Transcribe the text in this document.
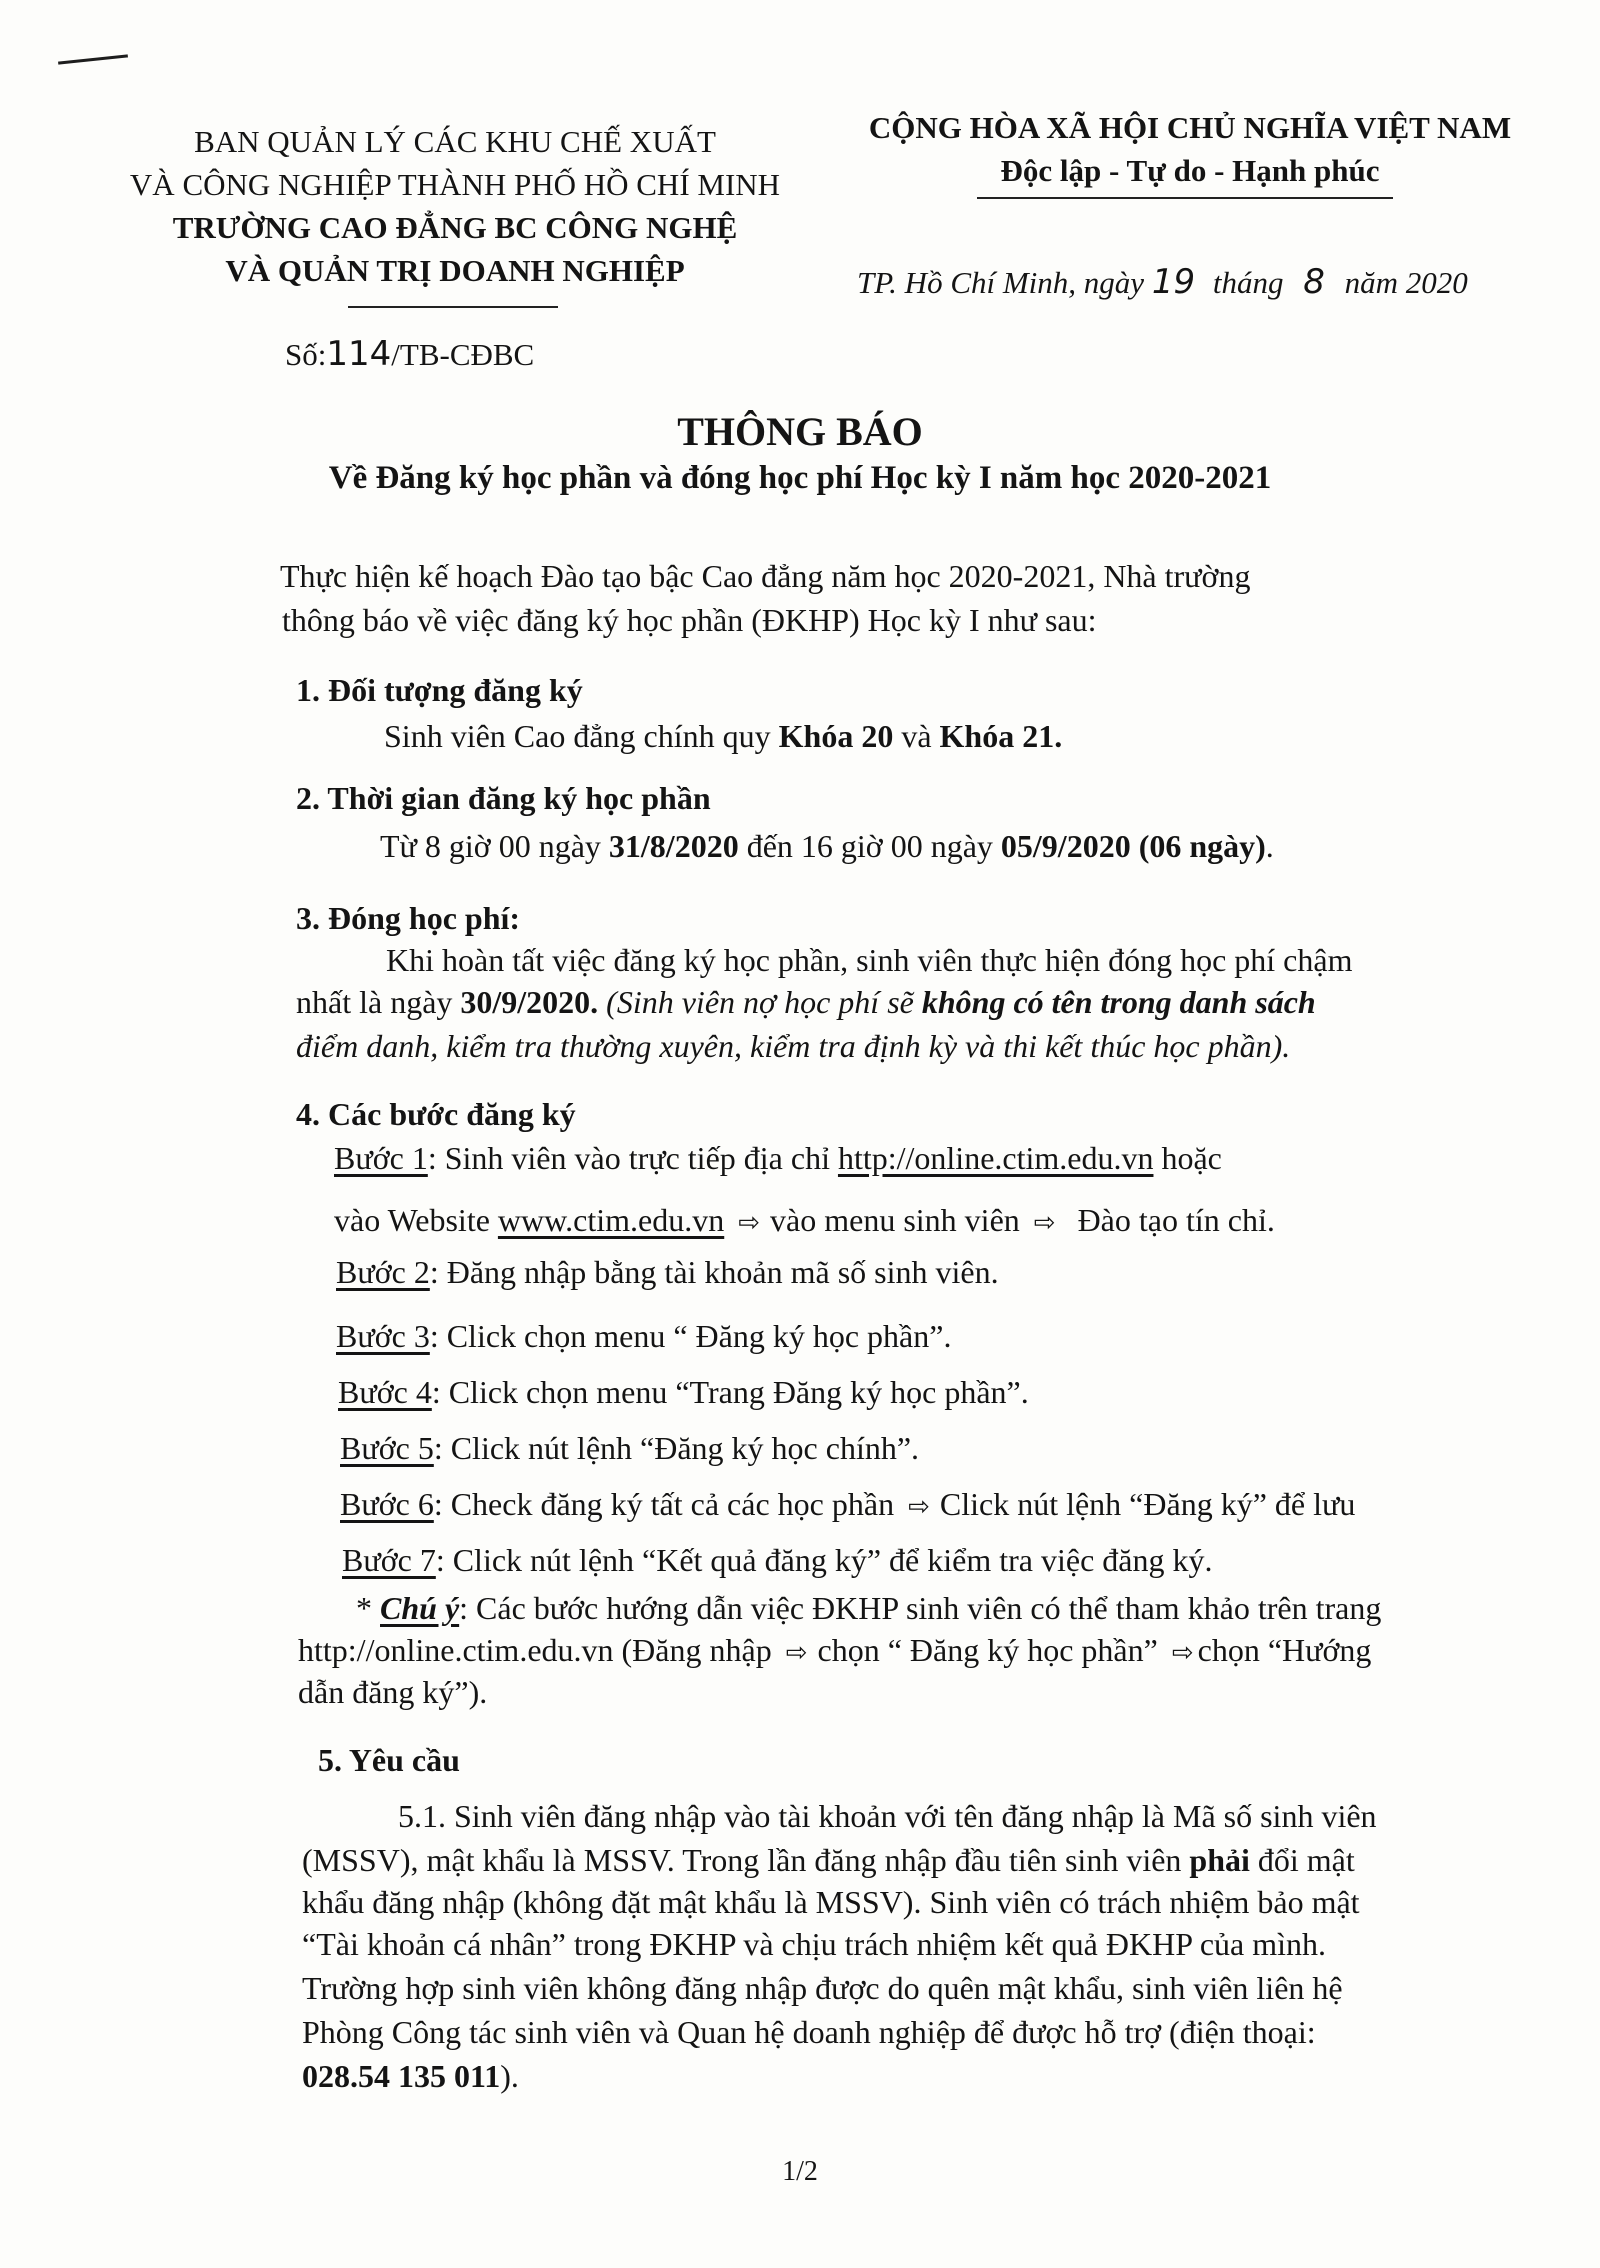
BAN QUẢN LÝ CÁC KHU CHẾ XUẤT
VÀ CÔNG NGHIỆP THÀNH PHỐ HỒ CHÍ MINH
TRƯỜNG CAO ĐẲNG BC CÔNG NGHỆ
VÀ QUẢN TRỊ DOANH NGHIỆP
Số:114/TB-CĐBC
CỘNG HÒA XÃ HỘI CHỦ NGHĨA VIỆT NAM
Độc lập - Tự do - Hạnh phúc
TP. Hồ Chí Minh, ngày 19 tháng 8 năm 2020
THÔNG BÁO
Về Đăng ký học phần và đóng học phí Học kỳ I năm học 2020-2021
Thực hiện kế hoạch Đào tạo bậc Cao đẳng năm học 2020-2021, Nhà trường
thông báo về việc đăng ký học phần (ĐKHP) Học kỳ I như sau:
1. Đối tượng đăng ký
Sinh viên Cao đẳng chính quy Khóa 20 và Khóa 21.
2. Thời gian đăng ký học phần
Từ 8 giờ 00 ngày 31/8/2020 đến 16 giờ 00 ngày 05/9/2020 (06 ngày).
3. Đóng học phí:
Khi hoàn tất việc đăng ký học phần, sinh viên thực hiện đóng học phí chậm
nhất là ngày 30/9/2020. (Sinh viên nợ học phí sẽ không có tên trong danh sách
điểm danh, kiểm tra thường xuyên, kiểm tra định kỳ và thi kết thúc học phần).
4. Các bước đăng ký
Bước 1: Sinh viên vào trực tiếp địa chỉ http://online.ctim.edu.vn hoặc
vào Website www.ctim.edu.vn ⇨ vào menu sinh viên ⇨ Đào tạo tín chỉ.
Bước 2: Đăng nhập bằng tài khoản mã số sinh viên.
Bước 3: Click chọn menu “ Đăng ký học phần”.
Bước 4: Click chọn menu “Trang Đăng ký học phần”.
Bước 5: Click nút lệnh “Đăng ký học chính”.
Bước 6: Check đăng ký tất cả các học phần ⇨ Click nút lệnh “Đăng ký” để lưu
Bước 7: Click nút lệnh “Kết quả đăng ký” để kiểm tra việc đăng ký.
* Chú ý: Các bước hướng dẫn việc ĐKHP sinh viên có thể tham khảo trên trang
http://online.ctim.edu.vn (Đăng nhập ⇨ chọn “ Đăng ký học phần” ⇨ chọn “Hướng
dẫn đăng ký”).
5. Yêu cầu
5.1. Sinh viên đăng nhập vào tài khoản với tên đăng nhập là Mã số sinh viên
(MSSV), mật khẩu là MSSV. Trong lần đăng nhập đầu tiên sinh viên phải đổi mật
khẩu đăng nhập (không đặt mật khẩu là MSSV). Sinh viên có trách nhiệm bảo mật
“Tài khoản cá nhân” trong ĐKHP và chịu trách nhiệm kết quả ĐKHP của mình.
Trường hợp sinh viên không đăng nhập được do quên mật khẩu, sinh viên liên hệ
Phòng Công tác sinh viên và Quan hệ doanh nghiệp để được hỗ trợ (điện thoại:
028.54 135 011).
1/2
